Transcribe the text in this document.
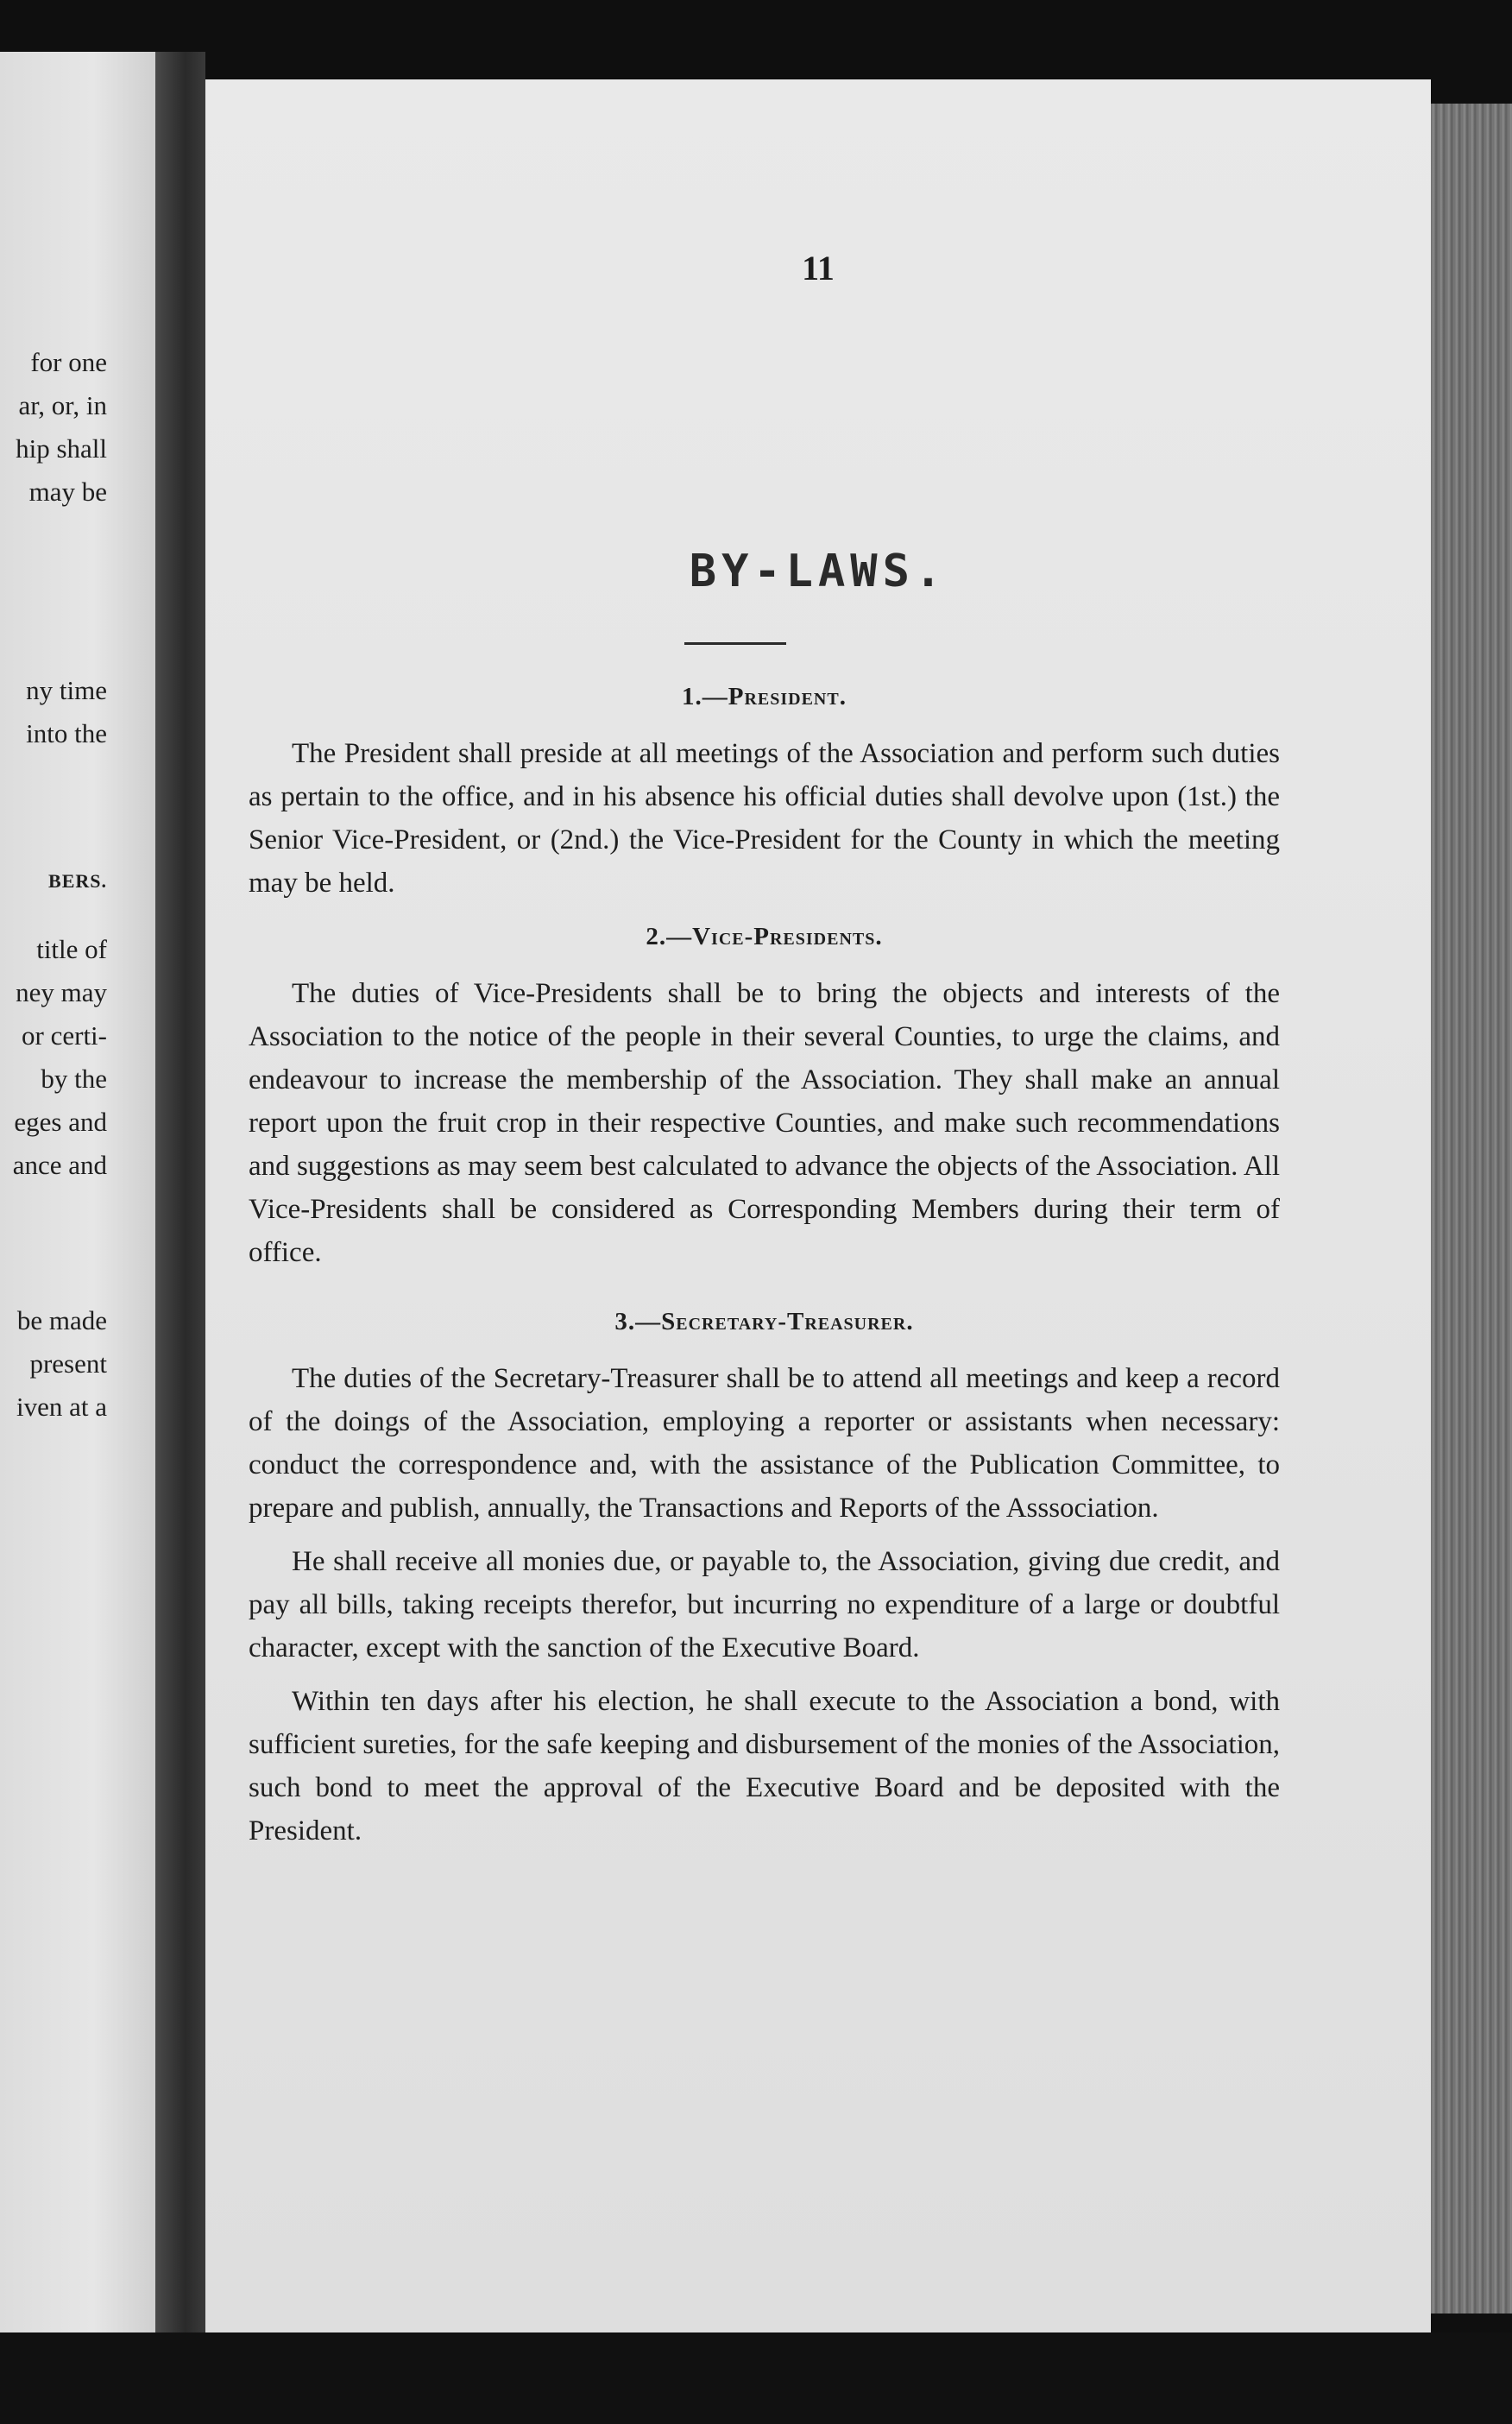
for one
ar, or, in
hip shall
may be
ny time
into the
BERS.
title of
ney may
or certi-
by the
eges and
ance and
be made
present
iven at a
11
BY-LAWS.
1.—President.

The President shall preside at all meetings of the Association and perform such duties as pertain to the office, and in his absence his official duties shall devolve upon (1st.) the Senior Vice-President, or (2nd.) the Vice-President for the County in which the meeting may be held.

2.—Vice-Presidents.

The duties of Vice-Presidents shall be to bring the objects and interests of the Association to the notice of the people in their several Counties, to urge the claims, and endeavour to increase the membership of the Association. They shall make an annual report upon the fruit crop in their respective Counties, and make such recommendations and suggestions as may seem best calculated to advance the objects of the Association. All Vice-Presidents shall be considered as Corresponding Members during their term of office.

3.—Secretary-Treasurer.

The duties of the Secretary-Treasurer shall be to attend all meetings and keep a record of the doings of the Association, employing a reporter or assistants when necessary: conduct the correspondence and, with the assistance of the Publication Committee, to prepare and publish, annually, the Transactions and Reports of the Asssociation.

He shall receive all monies due, or payable to, the Association, giving due credit, and pay all bills, taking receipts therefor, but incurring no expenditure of a large or doubtful character, except with the sanction of the Executive Board.

Within ten days after his election, he shall execute to the Association a bond, with sufficient sureties, for the safe keeping and disbursement of the monies of the Association, such bond to meet the approval of the Executive Board and be deposited with the President.
